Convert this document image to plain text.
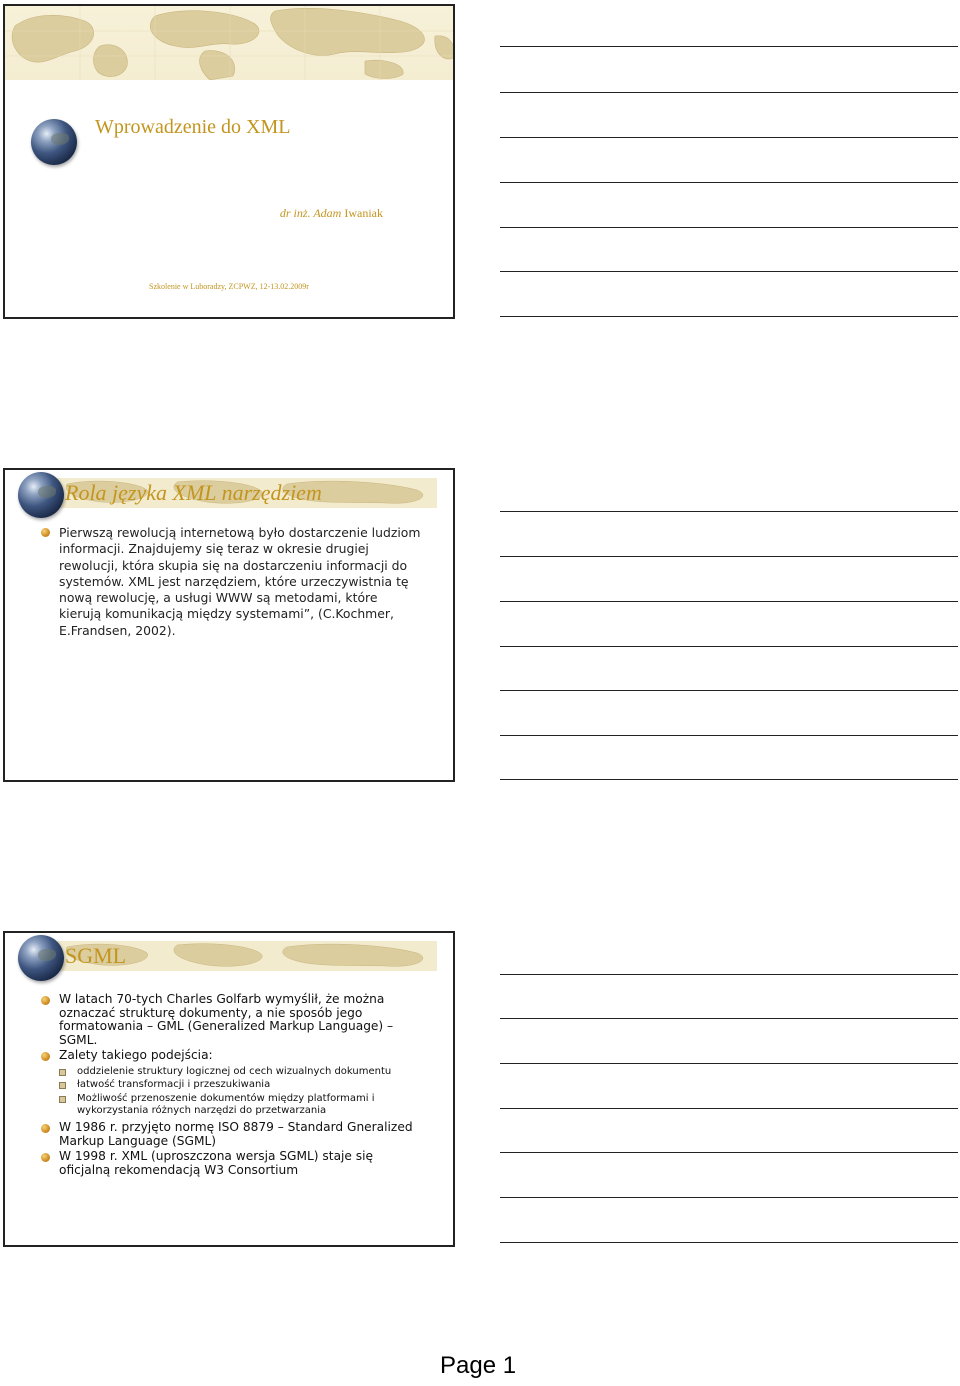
Wprowadzenie do XML
dr inż. Adam Iwaniak
Szkolenie w Luboradzy, ZCPWZ, 12-13.02.2009r
Rola języka XML narzędziem
Pierwszą rewolucją internetową było dostarczenie ludziom informacji. Znajdujemy się teraz w okresie drugiej rewolucji, która skupia się na dostarczeniu informacji do systemów. XML jest narzędziem, które urzeczywistnia tę nową rewolucję, a usługi WWW są metodami, które kierują komunikacją między systemami”, (C.Kochmer, E.Frandsen, 2002).
SGML
W latach 70-tych Charles Golfarb wymyślił, że można oznaczać strukturę dokumenty, a nie sposób jego formatowania – GML (Generalized Markup Language) – SGML.
Zalety takiego podejścia:
oddzielenie struktury logicznej od cech wizualnych dokumentu
łatwość transformacji i przeszukiwania
Możliwość przenoszenie dokumentów między platformami i wykorzystania różnych narzędzi do przetwarzania
W 1986 r. przyjęto normę ISO 8879 – Standard Gneralized Markup Language (SGML)
W 1998 r. XML (uproszczona wersja SGML) staje się oficjalną rekomendacją W3 Consortium
Page 1
